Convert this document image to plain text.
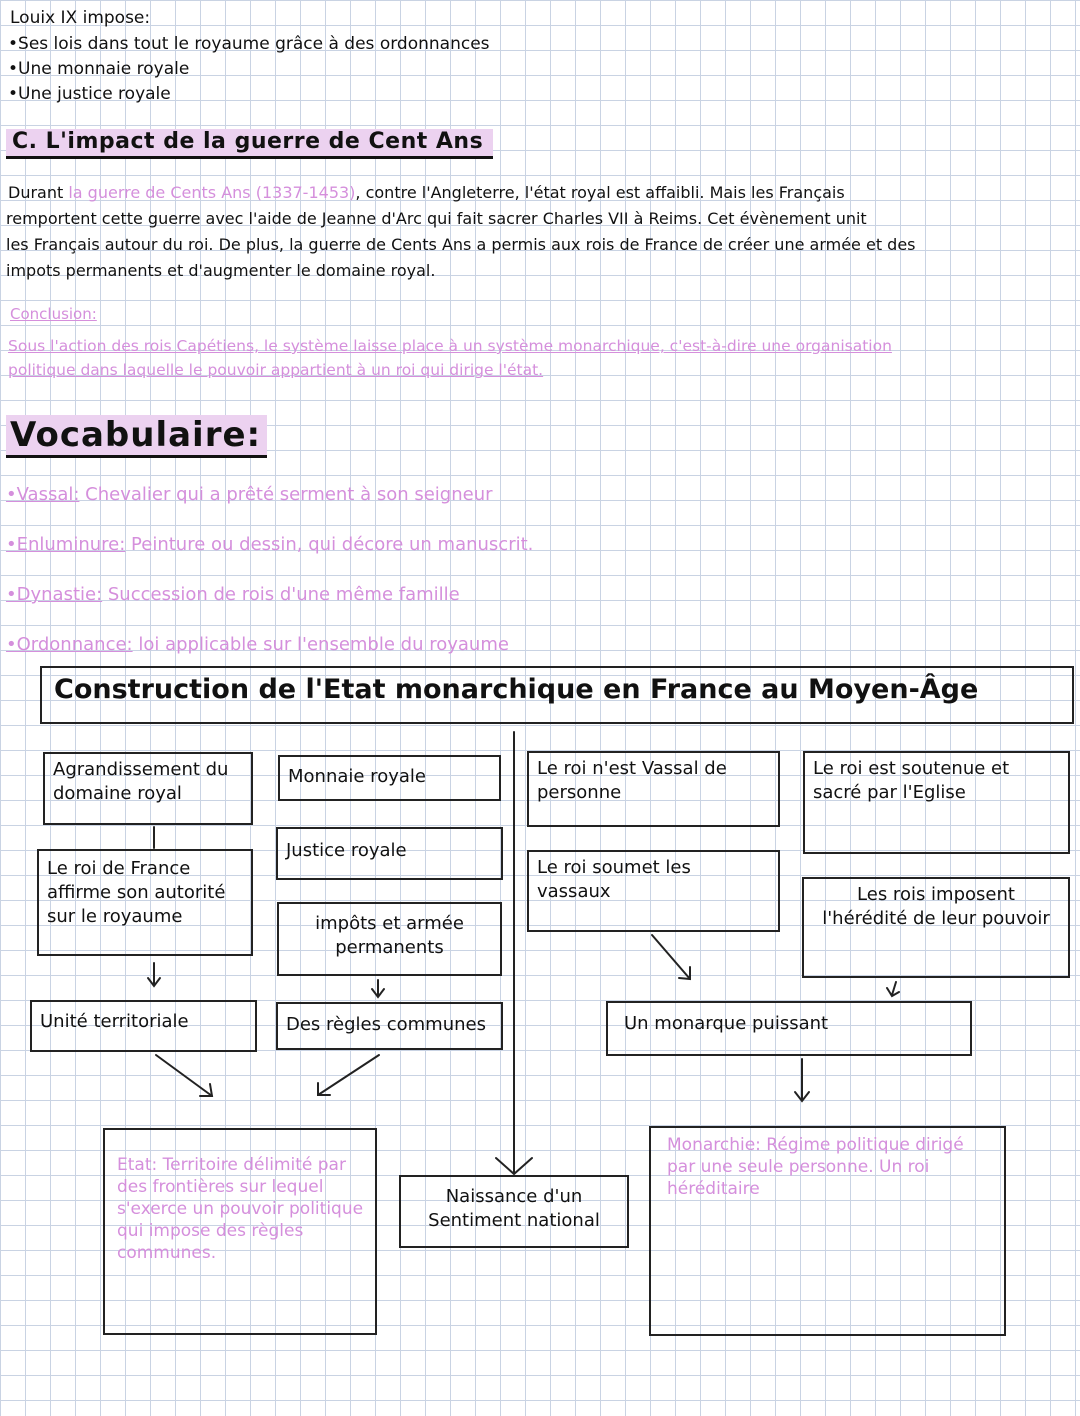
Louix IX impose:
•Ses lois dans tout le royaume grâce à des ordonnances
•Une monnaie royale
•Une justice royale
C. L'impact de la guerre de Cent Ans
Durant la guerre de Cents Ans (1337-1453), contre l'Angleterre, l'état royal est affaibli. Mais les Français
remportent cette guerre avec l'aide de Jeanne d'Arc qui fait sacrer Charles VII à Reims. Cet évènement unit
les Français autour du roi. De plus, la guerre de Cents Ans a permis aux rois de France de créer une armée et des
impots permanents et d'augmenter le domaine royal.
Conclusion:
Sous l'action des rois Capétiens, le système laisse place à un système monarchique, c'est-à-dire une organisation
politique dans laquelle le pouvoir appartient à un roi qui dirige l'état.
Vocabulaire:
•Vassal: Chevalier qui a prêté serment à son seigneur
•Enluminure: Peinture ou dessin, qui décore un manuscrit.
•Dynastie: Succession de rois d'une même famille
•Ordonnance: loi applicable sur l'ensemble du royaume
Construction de l'Etat monarchique en France au Moyen-Âge
Agrandissement du domaine royal
Le roi de France affirme son autorité sur le royaume
Unité territoriale
Monnaie royale
Justice royale
impôts et armée permanents
Des règles communes
Etat: Territoire délimité par des frontières sur lequel s'exerce un pouvoir politique qui impose des règles communes.
Naissance d'un Sentiment national
Le roi n'est Vassal de personne
Le roi soumet les vassaux
Le roi est soutenue et sacré par l'Eglise
Les rois imposent l'hérédité de leur pouvoir
Un monarque puissant
Monarchie: Régime politique dirigé par une seule personne. Un roi héréditaire
